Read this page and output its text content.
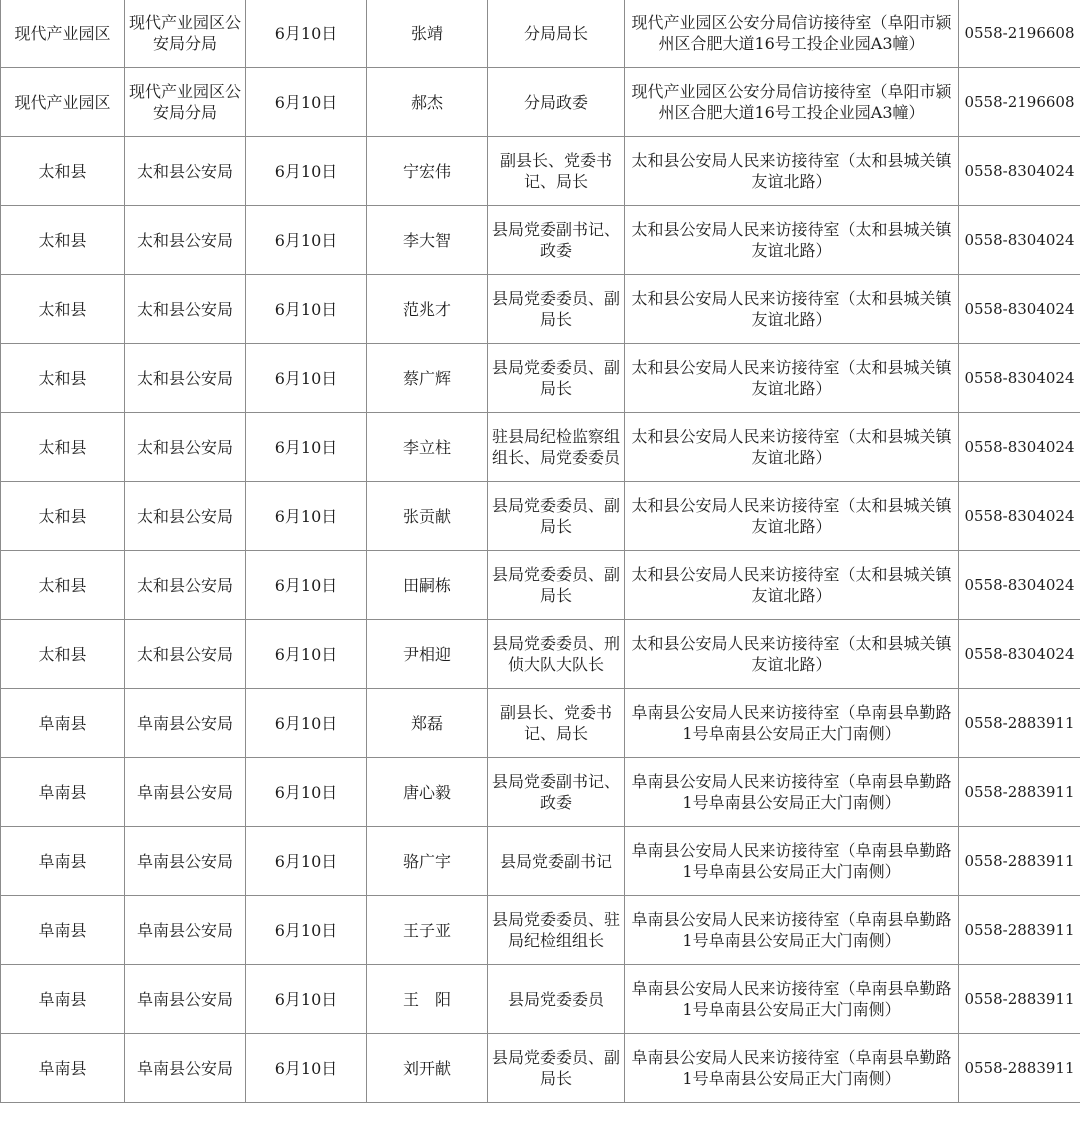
现代产业园区	现代产业园区公安局分局	6月10日	张靖	分局局长	现代产业园区公安分局信访接待室（阜阳市颍州区合肥大道16号工投企业园A3幢）	0558-2196608
现代产业园区	现代产业园区公安局分局	6月10日	郝杰	分局政委	现代产业园区公安分局信访接待室（阜阳市颍州区合肥大道16号工投企业园A3幢）	0558-2196608
太和县	太和县公安局	6月10日	宁宏伟	副县长、党委书记、局长	太和县公安局人民来访接待室（太和县城关镇友谊北路）	0558-8304024
太和县	太和县公安局	6月10日	李大智	县局党委副书记、政委	太和县公安局人民来访接待室（太和县城关镇友谊北路）	0558-8304024
太和县	太和县公安局	6月10日	范兆才	县局党委委员、副局长	太和县公安局人民来访接待室（太和县城关镇友谊北路）	0558-8304024
太和县	太和县公安局	6月10日	蔡广辉	县局党委委员、副局长	太和县公安局人民来访接待室（太和县城关镇友谊北路）	0558-8304024
太和县	太和县公安局	6月10日	李立柱	驻县局纪检监察组组长、局党委委员	太和县公安局人民来访接待室（太和县城关镇友谊北路）	0558-8304024
太和县	太和县公安局	6月10日	张贡献	县局党委委员、副局长	太和县公安局人民来访接待室（太和县城关镇友谊北路）	0558-8304024
太和县	太和县公安局	6月10日	田嗣栋	县局党委委员、副局长	太和县公安局人民来访接待室（太和县城关镇友谊北路）	0558-8304024
太和县	太和县公安局	6月10日	尹相迎	县局党委委员、刑侦大队大队长	太和县公安局人民来访接待室（太和县城关镇友谊北路）	0558-8304024
阜南县	阜南县公安局	6月10日	郑磊	副县长、党委书记、局长	阜南县公安局人民来访接待室（阜南县阜勤路1号阜南县公安局正大门南侧）	0558-2883911
阜南县	阜南县公安局	6月10日	唐心毅	县局党委副书记、政委	阜南县公安局人民来访接待室（阜南县阜勤路1号阜南县公安局正大门南侧）	0558-2883911
阜南县	阜南县公安局	6月10日	骆广宇	县局党委副书记	阜南县公安局人民来访接待室（阜南县阜勤路1号阜南县公安局正大门南侧）	0558-2883911
阜南县	阜南县公安局	6月10日	王子亚	县局党委委员、驻局纪检组组长	阜南县公安局人民来访接待室（阜南县阜勤路1号阜南县公安局正大门南侧）	0558-2883911
阜南县	阜南县公安局	6月10日	王　阳	县局党委委员	阜南县公安局人民来访接待室（阜南县阜勤路1号阜南县公安局正大门南侧）	0558-2883911
阜南县	阜南县公安局	6月10日	刘开献	县局党委委员、副局长	阜南县公安局人民来访接待室（阜南县阜勤路1号阜南县公安局正大门南侧）	0558-2883911
